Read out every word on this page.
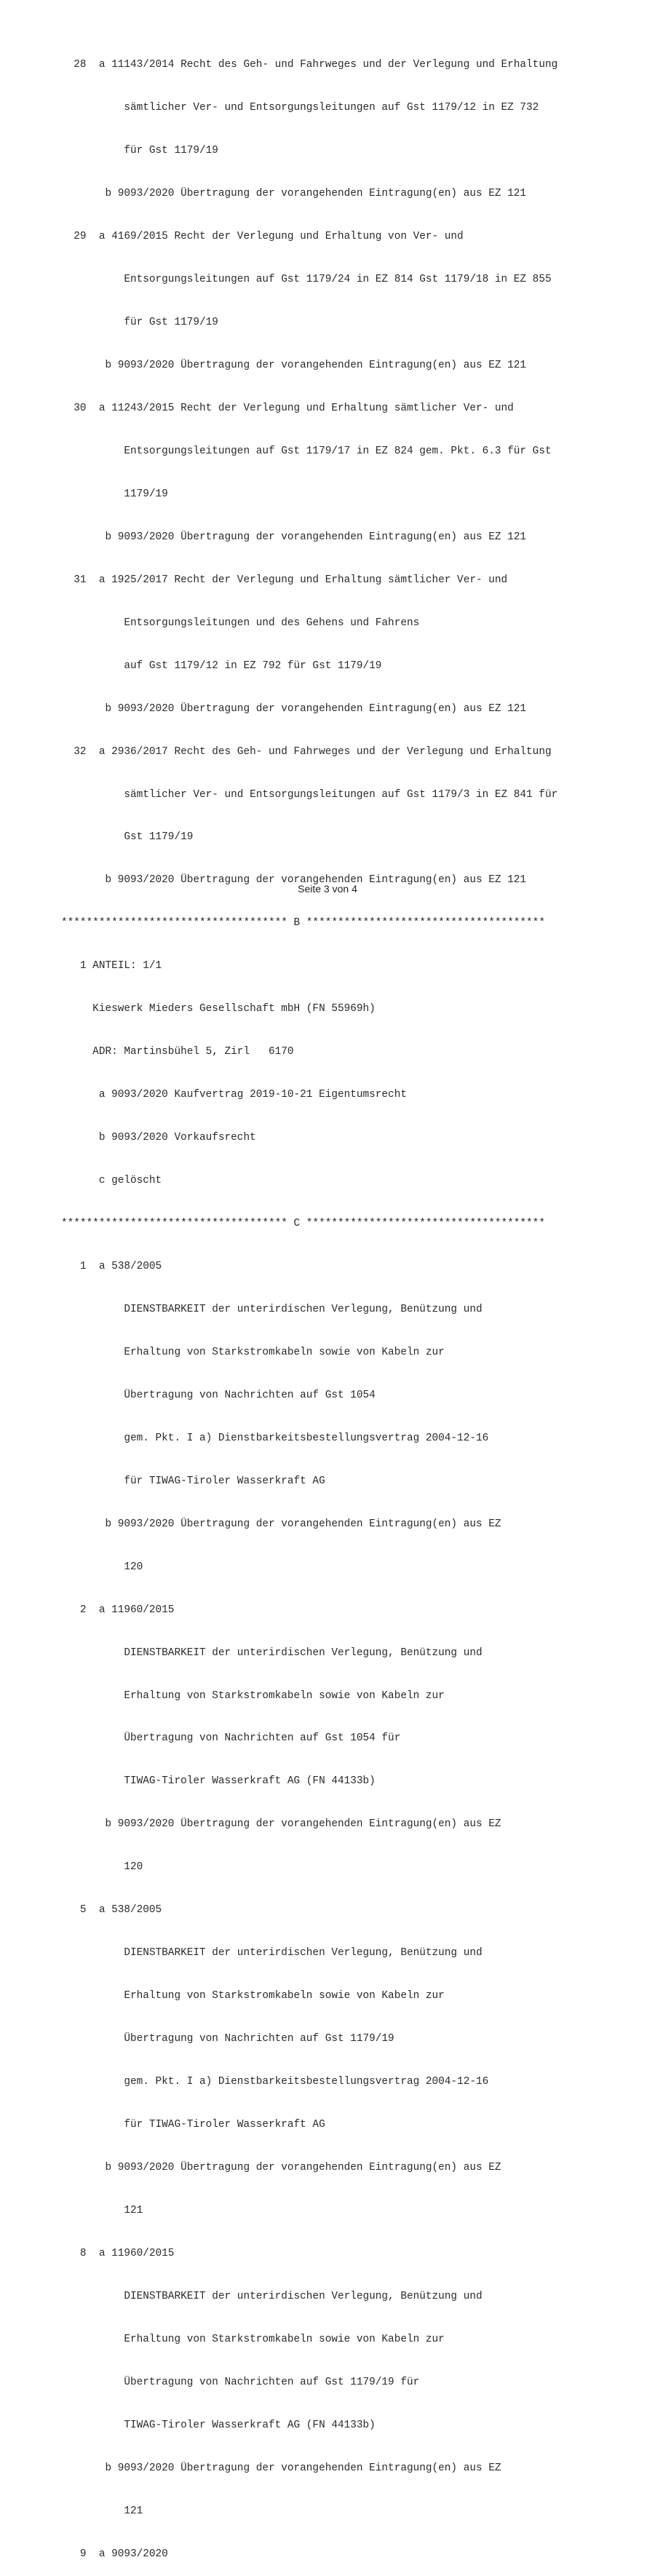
28  a 11143/2014 Recht des Geh- und Fahrweges und der Verlegung und Erhaltung

sämtlicher Ver- und Entsorgungsleitungen auf Gst 1179/12 in EZ 732

für Gst 1179/19

b 9093/2020 Übertragung der vorangehenden Eintragung(en) aus EZ 121

29  a 4169/2015 Recht der Verlegung und Erhaltung von Ver- und

Entsorgungsleitungen auf Gst 1179/24 in EZ 814 Gst 1179/18 in EZ 855

für Gst 1179/19

b 9093/2020 Übertragung der vorangehenden Eintragung(en) aus EZ 121

30  a 11243/2015 Recht der Verlegung und Erhaltung sämtlicher Ver- und

Entsorgungsleitungen auf Gst 1179/17 in EZ 824 gem. Pkt. 6.3 für Gst

1179/19

b 9093/2020 Übertragung der vorangehenden Eintragung(en) aus EZ 121

31  a 1925/2017 Recht der Verlegung und Erhaltung sämtlicher Ver- und

Entsorgungsleitungen und des Gehens und Fahrens

auf Gst 1179/12 in EZ 792 für Gst 1179/19

b 9093/2020 Übertragung der vorangehenden Eintragung(en) aus EZ 121

32  a 2936/2017 Recht des Geh- und Fahrweges und der Verlegung und Erhaltung

sämtlicher Ver- und Entsorgungsleitungen auf Gst 1179/3 in EZ 841 für

Gst 1179/19

b 9093/2020 Übertragung der vorangehenden Eintragung(en) aus EZ 121

************************************ B **************************************

1 ANTEIL: 1/1

Kieswerk Mieders Gesellschaft mbH (FN 55969h)

ADR: Martinsbühel 5, Zirl   6170

a 9093/2020 Kaufvertrag 2019-10-21 Eigentumsrecht

b 9093/2020 Vorkaufsrecht

c gelöscht

************************************ C **************************************

1  a 538/2005

DIENSTBARKEIT der unterirdischen Verlegung, Benützung und

Erhaltung von Starkstromkabeln sowie von Kabeln zur

Übertragung von Nachrichten auf Gst 1054

gem. Pkt. I a) Dienstbarkeitsbestellungsvertrag 2004-12-16

für TIWAG-Tiroler Wasserkraft AG

b 9093/2020 Übertragung der vorangehenden Eintragung(en) aus EZ

120

2  a 11960/2015

DIENSTBARKEIT der unterirdischen Verlegung, Benützung und

Erhaltung von Starkstromkabeln sowie von Kabeln zur

Übertragung von Nachrichten auf Gst 1054 für

TIWAG-Tiroler Wasserkraft AG (FN 44133b)

b 9093/2020 Übertragung der vorangehenden Eintragung(en) aus EZ

120

5  a 538/2005

DIENSTBARKEIT der unterirdischen Verlegung, Benützung und

Erhaltung von Starkstromkabeln sowie von Kabeln zur

Übertragung von Nachrichten auf Gst 1179/19

gem. Pkt. I a) Dienstbarkeitsbestellungsvertrag 2004-12-16

für TIWAG-Tiroler Wasserkraft AG

b 9093/2020 Übertragung der vorangehenden Eintragung(en) aus EZ

121

8  a 11960/2015

DIENSTBARKEIT der unterirdischen Verlegung, Benützung und

Erhaltung von Starkstromkabeln sowie von Kabeln zur

Übertragung von Nachrichten auf Gst 1179/19 für

TIWAG-Tiroler Wasserkraft AG (FN 44133b)

b 9093/2020 Übertragung der vorangehenden Eintragung(en) aus EZ

121

9  a 9093/2020

Seite 3 von 4
